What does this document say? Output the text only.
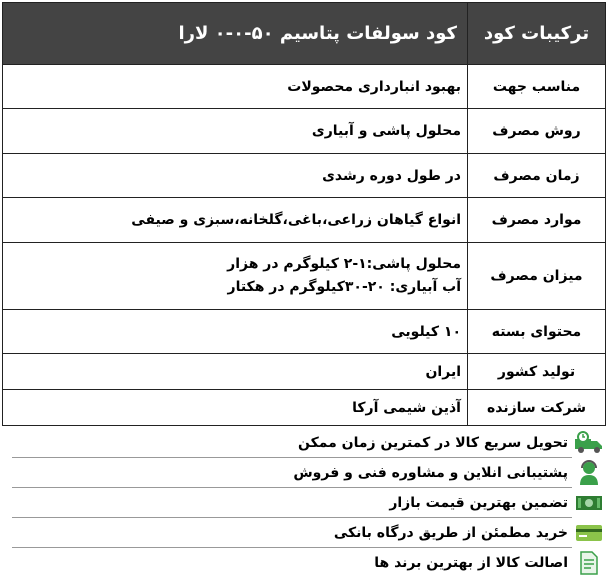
ترکیبات کود	کود سولفات پتاسیم ۵۰-۰-۰ لارا
مناسب جهت	بهبود انبارداری محصولات
روش مصرف	محلول پاشی و آبیاری
زمان مصرف	در طول دوره رشدی
موارد مصرف	انواع گیاهان زراعی،باغی،گلخانه،سبزی و صیفی
میزان مصرف	محلول پاشی:۱-۲ کیلوگرم در هزار
آب آبیاری: ۲۰-۳۰کیلوگرم در هکتار

محتوای بسته	۱۰ کیلویی
تولید کشور	ایران
شرکت سازنده	آذین شیمی آرکا
تحویل سریع کالا در کمترین زمان ممکن
پشتیبانی انلاین و مشاوره فنی و فروش
تضمین بهترین قیمت بازار
خرید مطمئن از طریق درگاه بانکی
اصالت کالا از بهترین برند ها
